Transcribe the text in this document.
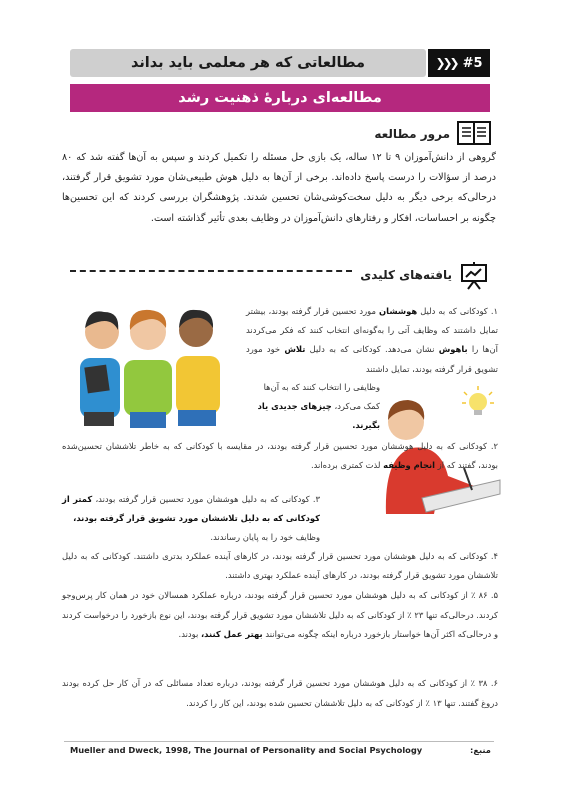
مطالعاتی که هر معلمی باید بداند	❯❯❯ #5
مطالعه‌ای درباره‌ٔ ذهنیت رشد
مرور مطالعه
گروهی از دانش‌آموزان ۹ تا ۱۲ ساله، یک بازی حل مسئله را تکمیل کردند و سپس به آن‌ها گفته شد که ۸۰ درصد از سؤالات را درست پاسخ داده‌اند. برخی از آن‌ها به دلیل هوش طبیعی‌شان مورد تشویق قرار گرفتند، درحالی‌که برخی دیگر به دلیل سخت‌کوشی‌شان تحسین شدند. پژوهشگران بررسی کردند که این تحسین‌ها چگونه بر احساسات، افکار و رفتارهای دانش‌آموزان در وظایف بعدی تأثیر گذاشته است.
یافته‌های کلیدی
۱. کودکانی که به دلیل هوششان مورد تحسین قرار گرفته بودند، بیشتر تمایل داشتند که وظایف آتی را به‌گونه‌ای انتخاب کنند که فکر می‌کردند آن‌ها را باهوش نشان می‌دهد. کودکانی که به دلیل تلاش خود مورد تشویق قرار گرفته بودند، تمایل داشتند
وظایفی را انتخاب کنند که به آن‌ها کمک می‌کرد، چیزهای جدیدی یاد بگیرند.
۲. کودکانی که به دلیل هوششان مورد تحسین قرار گرفته بودند، در مقایسه با کودکانی که به خاطر تلاششان تحسین‌شده بودند، گفتند که از انجام وظیفه لذت کمتری برده‌اند.
۳. کودکانی که به دلیل هوششان مورد تحسین قرار گرفته بودند، کمتر از کودکانی که به دلیل تلاششان مورد تشویق قرار گرفته بودند،
وظایف خود را به پایان رساندند.
۴. کودکانی که به دلیل هوششان مورد تحسین قرار گرفته بودند، در کارهای آینده عملکرد بدتری داشتند. کودکانی که به دلیل تلاششان مورد تشویق قرار گرفته بودند، در کارهای آینده عملکرد بهتری داشتند.
۵. ۸۶ ٪ از کودکانی که به دلیل هوششان مورد تحسین قرار گرفته بودند، درباره عملکرد همسالان خود در همان کار پرس‌وجو کردند. درحالی‌که تنها ۲۳ ٪ از کودکانی که به دلیل تلاششان مورد تشویق قرار گرفته بودند، این نوع بازخورد را درخواست کردند و درحالی‌که اکثر آن‌ها خواستار بازخورد درباره اینکه چگونه می‌توانند بهتر عمل کنند، بودند.
۶. ۳۸ ٪ از کودکانی که به دلیل هوششان مورد تحسین قرار گرفته بودند، درباره تعداد مسائلی که در آن کار حل کرده بودند دروغ گفتند. تنها ۱۳ ٪ از کودکانی که به دلیل تلاششان تحسین شده بودند، این کار را کردند.
Mueller and Dweck, 1998, The Journal of Personality and Social Psychology	منبع:
